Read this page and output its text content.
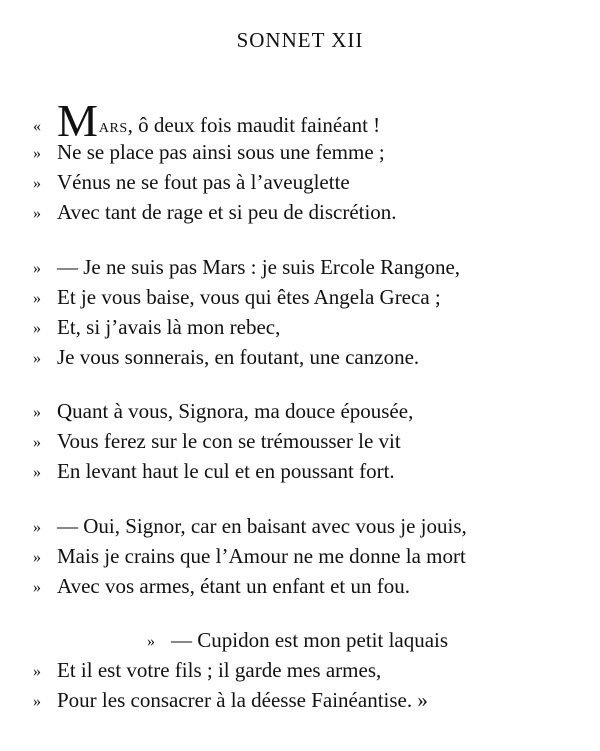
SONNET XII
« MARS, ô deux fois maudit fainéant !
» Ne se place pas ainsi sous une femme ;
» Vénus ne se fout pas à l’aveuglette
» Avec tant de rage et si peu de discrétion.
» — Je ne suis pas Mars : je suis Ercole Rangone,
» Et je vous baise, vous qui êtes Angela Greca ;
» Et, si j’avais là mon rebec,
» Je vous sonnerais, en foutant, une canzone.
» Quant à vous, Signora, ma douce épousée,
» Vous ferez sur le con se trémousser le vit
» En levant haut le cul et en poussant fort.
» — Oui, Signor, car en baisant avec vous je jouis,
» Mais je crains que l’Amour ne me donne la mort
» Avec vos armes, étant un enfant et un fou.
» — Cupidon est mon petit laquais
» Et il est votre fils ; il garde mes armes,
» Pour les consacrer à la déesse Fainéantise. »
